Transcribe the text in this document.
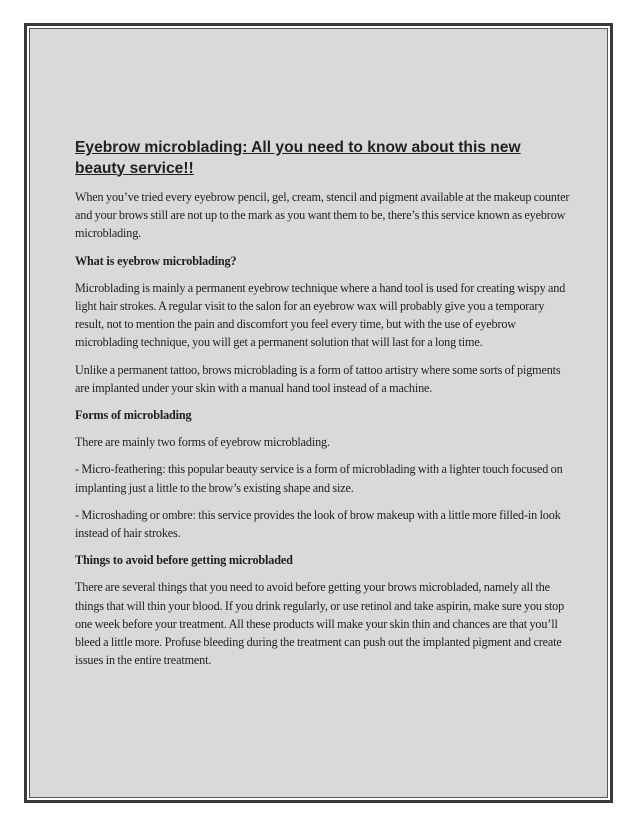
Eyebrow microblading: All you need to know about this new beauty service!!
When you’ve tried every eyebrow pencil, gel, cream, stencil and pigment available at the makeup counter and your brows still are not up to the mark as you want them to be, there’s this service known as eyebrow microblading.
What is eyebrow microblading?
Microblading is mainly a permanent eyebrow technique where a hand tool is used for creating wispy and light hair strokes. A regular visit to the salon for an eyebrow wax will probably give you a temporary result, not to mention the pain and discomfort you feel every time, but with the use of eyebrow microblading technique, you will get a permanent solution that will last for a long time.
Unlike a permanent tattoo, brows microblading is a form of tattoo artistry where some sorts of pigments are implanted under your skin with a manual hand tool instead of a machine.
Forms of microblading
There are mainly two forms of eyebrow microblading.
- Micro-feathering: this popular beauty service is a form of microblading with a lighter touch focused on implanting just a little to the brow’s existing shape and size.
- Microshading or ombre: this service provides the look of brow makeup with a little more filled-in look instead of hair strokes.
Things to avoid before getting microbladed
There are several things that you need to avoid before getting your brows microbladed, namely all the things that will thin your blood. If you drink regularly, or use retinol and take aspirin, make sure you stop one week before your treatment. All these products will make your skin thin and chances are that you’ll bleed a little more. Profuse bleeding during the treatment can push out the implanted pigment and create issues in the entire treatment.
